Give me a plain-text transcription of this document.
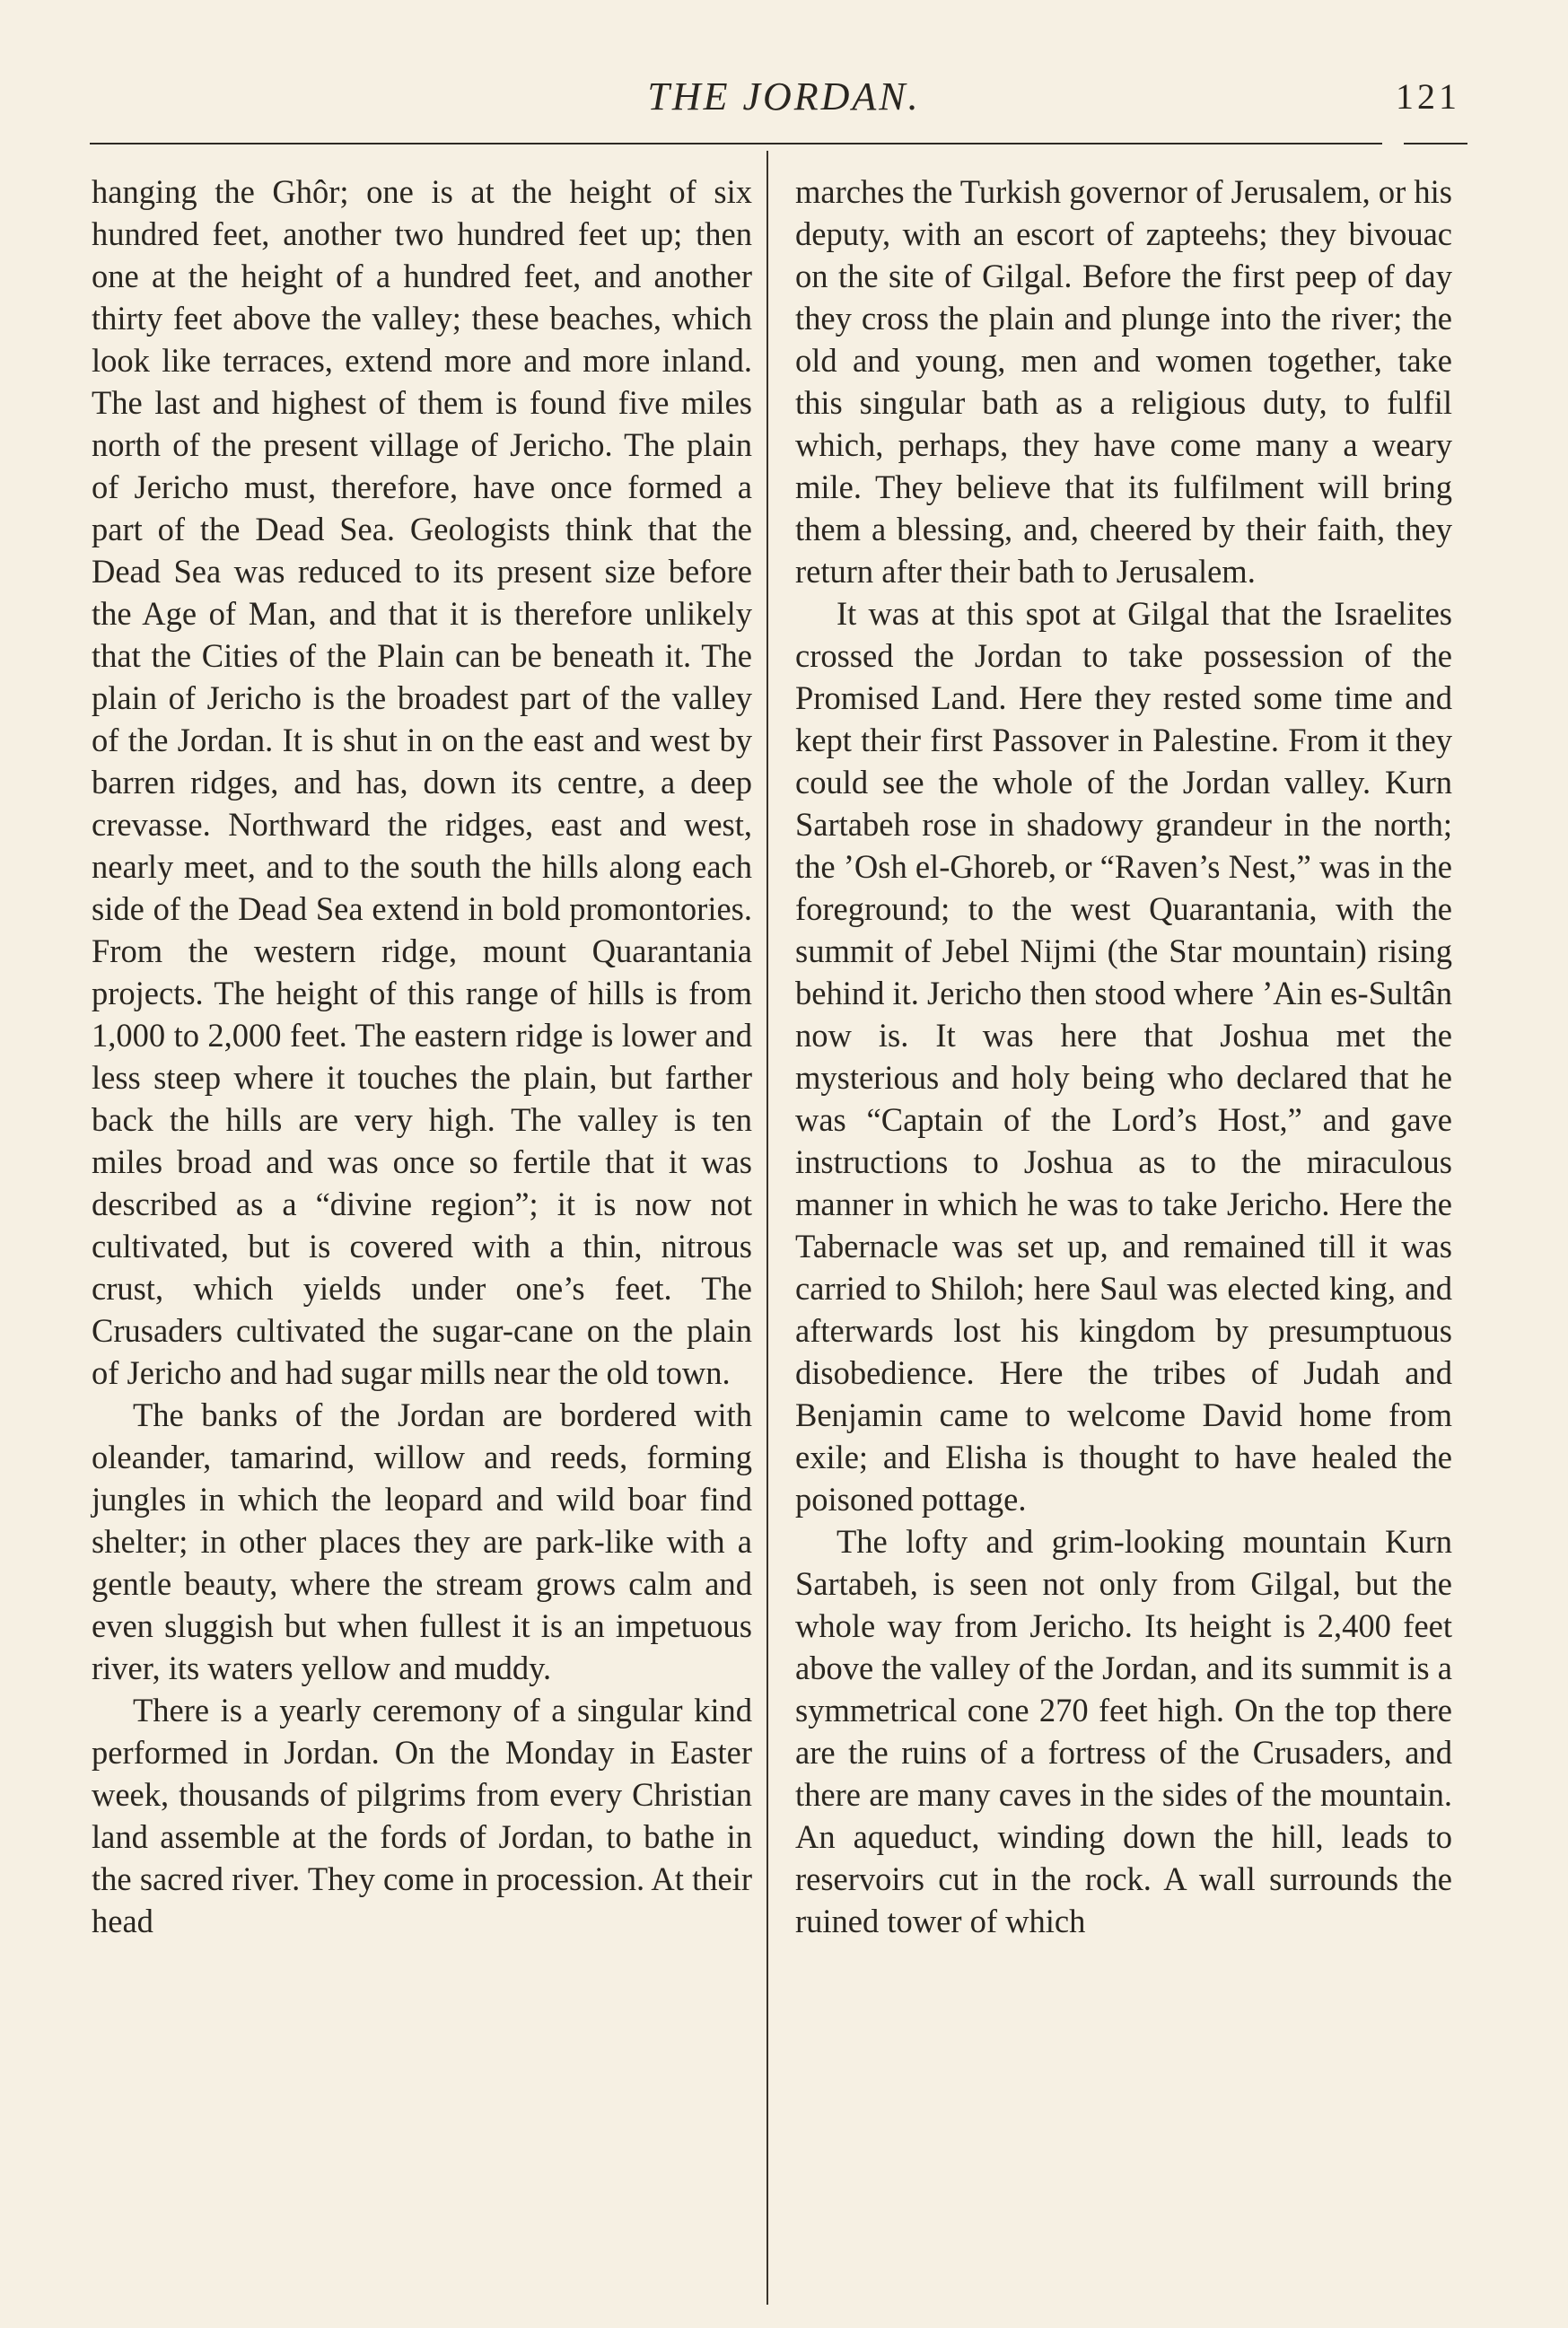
THE JORDAN.	121

hanging the Ghôr; one is at the height of six hundred feet, another two hundred feet up; then one at the height of a hundred feet, and another thirty feet above the valley; these beaches, which look like terraces, extend more and more inland. The last and highest of them is found five miles north of the present village of Jericho. The plain of Jericho must, therefore, have once formed a part of the Dead Sea. Geologists think that the Dead Sea was reduced to its present size before the Age of Man, and that it is therefore unlikely that the Cities of the Plain can be beneath it. The plain of Jericho is the broadest part of the valley of the Jordan. It is shut in on the east and west by barren ridges, and has, down its centre, a deep crevasse. Northward the ridges, east and west, nearly meet, and to the south the hills along each side of the Dead Sea extend in bold promontories. From the western ridge, mount Quarantania projects. The height of this range of hills is from 1,000 to 2,000 feet. The eastern ridge is lower and less steep where it touches the plain, but farther back the hills are very high. The valley is ten miles broad and was once so fertile that it was described as a “divine region”; it is now not cultivated, but is covered with a thin, nitrous crust, which yields under one’s feet. The Crusaders cultivated the sugar-cane on the plain of Jericho and had sugar mills near the old town.

The banks of the Jordan are bordered with oleander, tamarind, willow and reeds, forming jungles in which the leopard and wild boar find shelter; in other places they are park-like with a gentle beauty, where the stream grows calm and even sluggish but when fullest it is an impetuous river, its waters yellow and muddy.

There is a yearly ceremony of a singular kind performed in Jordan. On the Monday in Easter week, thousands of pilgrims from every Christian land assemble at the fords of Jordan, to bathe in the sacred river. They come in procession. At their head

marches the Turkish governor of Jerusalem, or his deputy, with an escort of zapteehs; they bivouac on the site of Gilgal. Before the first peep of day they cross the plain and plunge into the river; the old and young, men and women together, take this singular bath as a religious duty, to fulfil which, perhaps, they have come many a weary mile. They believe that its fulfilment will bring them a blessing, and, cheered by their faith, they return after their bath to Jerusalem.

It was at this spot at Gilgal that the Israelites crossed the Jordan to take possession of the Promised Land. Here they rested some time and kept their first Passover in Palestine. From it they could see the whole of the Jordan valley. Kurn Sartabeh rose in shadowy grandeur in the north; the ’Osh el-Ghoreb, or “Raven’s Nest,” was in the foreground; to the west Quarantania, with the summit of Jebel Nijmi (the Star mountain) rising behind it. Jericho then stood where ’Ain es-Sultân now is. It was here that Joshua met the mysterious and holy being who declared that he was “Captain of the Lord’s Host,” and gave instructions to Joshua as to the miraculous manner in which he was to take Jericho. Here the Tabernacle was set up, and remained till it was carried to Shiloh; here Saul was elected king, and afterwards lost his kingdom by presumptuous disobedience. Here the tribes of Judah and Benjamin came to welcome David home from exile; and Elisha is thought to have healed the poisoned pottage.

The lofty and grim-looking mountain Kurn Sartabeh, is seen not only from Gilgal, but the whole way from Jericho. Its height is 2,400 feet above the valley of the Jordan, and its summit is a symmetrical cone 270 feet high. On the top there are the ruins of a fortress of the Crusaders, and there are many caves in the sides of the mountain. An aqueduct, winding down the hill, leads to reservoirs cut in the rock. A wall surrounds the ruined tower of which
